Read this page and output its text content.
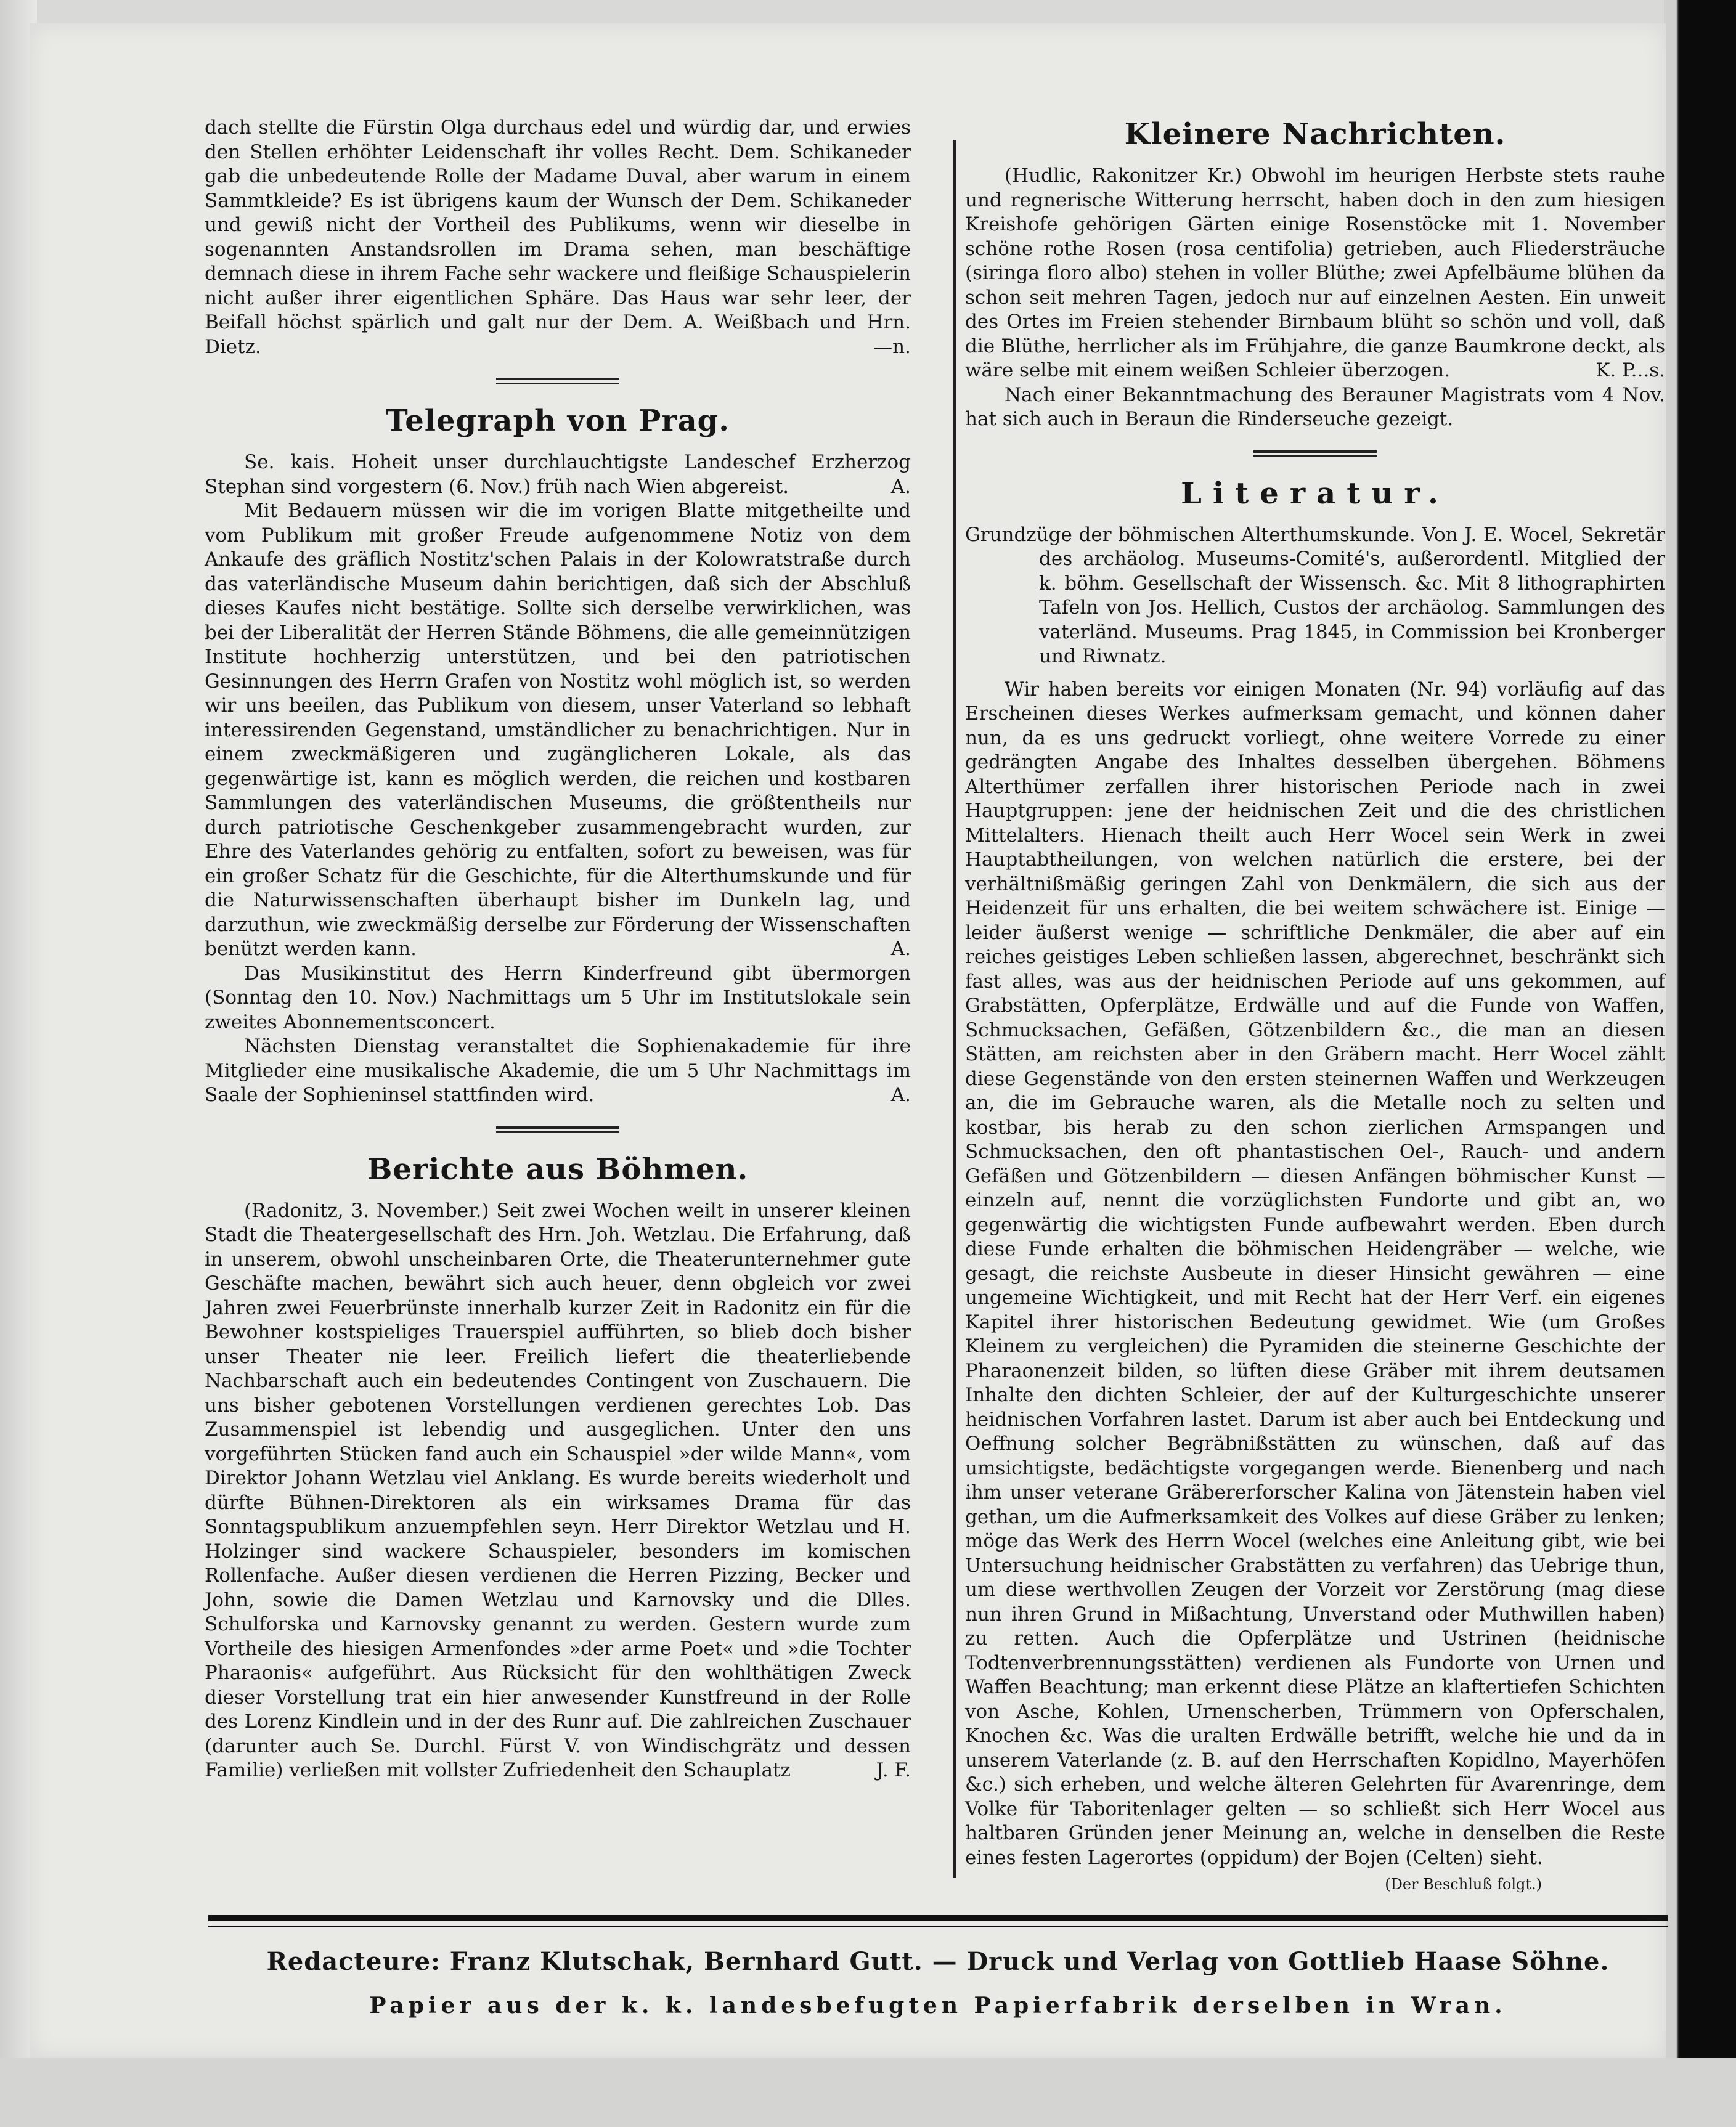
dach stellte die Fürstin Olga durchaus edel und würdig dar, und erwies den Stellen erhöhter Leidenschaft ihr volles Recht. Dem. Schikaneder gab die unbedeutende Rolle der Madame Duval, aber warum in einem Sammtkleide? Es ist übrigens kaum der Wunsch der Dem. Schikaneder und gewiß nicht der Vortheil des Publikums, wenn wir dieselbe in sogenannten Anstandsrollen im Drama sehen, man beschäftige demnach diese in ihrem Fache sehr wackere und fleißige Schauspielerin nicht außer ihrer eigentlichen Sphäre. Das Haus war sehr leer, der Beifall höchst spärlich und galt nur der Dem. A. Weißbach und Hrn. Dietz.	—n.

Telegraph von Prag.

Se. kais. Hoheit unser durchlauchtigste Landeschef Erzherzog Stephan sind vorgestern (6. Nov.) früh nach Wien abgereist.	A.

Mit Bedauern müssen wir die im vorigen Blatte mitgetheilte und vom Publikum mit großer Freude aufgenommene Notiz von dem Ankaufe des gräflich Nostitz'schen Palais in der Kolowratstraße durch das vaterländische Museum dahin berichtigen, daß sich der Abschluß dieses Kaufes nicht bestätige. Sollte sich derselbe verwirklichen, was bei der Liberalität der Herren Stände Böhmens, die alle gemeinnützigen Institute hochherzig unterstützen, und bei den patriotischen Gesinnungen des Herrn Grafen von Nostitz wohl möglich ist, so werden wir uns beeilen, das Publikum von diesem, unser Vaterland so lebhaft interessirenden Gegenstand, umständlicher zu benachrichtigen. Nur in einem zweckmäßigeren und zugänglicheren Lokale, als das gegenwärtige ist, kann es möglich werden, die reichen und kostbaren Sammlungen des vaterländischen Museums, die größtentheils nur durch patriotische Geschenkgeber zusammengebracht wurden, zur Ehre des Vaterlandes gehörig zu entfalten, sofort zu beweisen, was für ein großer Schatz für die Geschichte, für die Alterthumskunde und für die Naturwissenschaften überhaupt bisher im Dunkeln lag, und darzuthun, wie zweckmäßig derselbe zur Förderung der Wissenschaften benützt werden kann.	A.

Das Musikinstitut des Herrn Kinderfreund gibt übermorgen (Sonntag den 10. Nov.) Nachmittags um 5 Uhr im Institutslokale sein zweites Abonnementsconcert.

Nächsten Dienstag veranstaltet die Sophienakademie für ihre Mitglieder eine musikalische Akademie, die um 5 Uhr Nachmittags im Saale der Sophieninsel stattfinden wird.	A.

Berichte aus Böhmen.

(Radonitz, 3. November.) Seit zwei Wochen weilt in unserer kleinen Stadt die Theatergesellschaft des Hrn. Joh. Wetzlau. Die Erfahrung, daß in unserem, obwohl unscheinbaren Orte, die Theaterunternehmer gute Geschäfte machen, bewährt sich auch heuer, denn obgleich vor zwei Jahren zwei Feuerbrünste innerhalb kurzer Zeit in Radonitz ein für die Bewohner kostspieliges Trauerspiel aufführten, so blieb doch bisher unser Theater nie leer. Freilich liefert die theaterliebende Nachbarschaft auch ein bedeutendes Contingent von Zuschauern. Die uns bisher gebotenen Vorstellungen verdienen gerechtes Lob. Das Zusammenspiel ist lebendig und ausgeglichen. Unter den uns vorgeführten Stücken fand auch ein Schauspiel »der wilde Mann«, vom Direktor Johann Wetzlau viel Anklang. Es wurde bereits wiederholt und dürfte Bühnen-Direktoren als ein wirksames Drama für das Sonntagspublikum anzuempfehlen seyn. Herr Direktor Wetzlau und H. Holzinger sind wackere Schauspieler, besonders im komischen Rollenfache. Außer diesen verdienen die Herren Pizzing, Becker und John, sowie die Damen Wetzlau und Karnovsky und die Dlles. Schulforska und Karnovsky genannt zu werden. Gestern wurde zum Vortheile des hiesigen Armenfondes »der arme Poet« und »die Tochter Pharaonis« aufgeführt. Aus Rücksicht für den wohlthätigen Zweck dieser Vorstellung trat ein hier anwesender Kunstfreund in der Rolle des Lorenz Kindlein und in der des Runr auf. Die zahlreichen Zuschauer (darunter auch Se. Durchl. Fürst V. von Windischgrätz und dessen Familie) verließen mit vollster Zufriedenheit den Schauplatz	J. F.

Kleinere Nachrichten.

(Hudlic, Rakonitzer Kr.) Obwohl im heurigen Herbste stets rauhe und regnerische Witterung herrscht, haben doch in den zum hiesigen Kreishofe gehörigen Gärten einige Rosenstöcke mit 1. November schöne rothe Rosen (rosa centifolia) getrieben, auch Fliedersträuche (siringa floro albo) stehen in voller Blüthe; zwei Apfelbäume blühen da schon seit mehren Tagen, jedoch nur auf einzelnen Aesten. Ein unweit des Ortes im Freien stehender Birnbaum blüht so schön und voll, daß die Blüthe, herrlicher als im Frühjahre, die ganze Baumkrone deckt, als wäre selbe mit einem weißen Schleier überzogen.	K. P...s.

Nach einer Bekanntmachung des Berauner Magistrats vom 4 Nov. hat sich auch in Beraun die Rinderseuche gezeigt.

Literatur.

Grundzüge der böhmischen Alterthumskunde. Von J. E. Wocel, Sekretär des archäolog. Museums-Comité's, außerordentl. Mitglied der k. böhm. Gesellschaft der Wissensch. &c. Mit 8 lithographirten Tafeln von Jos. Hellich, Custos der archäolog. Sammlungen des vaterländ. Museums. Prag 1845, in Commission bei Kronberger und Riwnatz.

Wir haben bereits vor einigen Monaten (Nr. 94) vorläufig auf das Erscheinen dieses Werkes aufmerksam gemacht, und können daher nun, da es uns gedruckt vorliegt, ohne weitere Vorrede zu einer gedrängten Angabe des Inhaltes desselben übergehen. Böhmens Alterthümer zerfallen ihrer historischen Periode nach in zwei Hauptgruppen: jene der heidnischen Zeit und die des christlichen Mittelalters. Hienach theilt auch Herr Wocel sein Werk in zwei Hauptabtheilungen, von welchen natürlich die erstere, bei der verhältnißmäßig geringen Zahl von Denkmälern, die sich aus der Heidenzeit für uns erhalten, die bei weitem schwächere ist. Einige — leider äußerst wenige — schriftliche Denkmäler, die aber auf ein reiches geistiges Leben schließen lassen, abgerechnet, beschränkt sich fast alles, was aus der heidnischen Periode auf uns gekommen, auf Grabstätten, Opferplätze, Erdwälle und auf die Funde von Waffen, Schmucksachen, Gefäßen, Götzenbildern &c., die man an diesen Stätten, am reichsten aber in den Gräbern macht. Herr Wocel zählt diese Gegenstände von den ersten steinernen Waffen und Werkzeugen an, die im Gebrauche waren, als die Metalle noch zu selten und kostbar, bis herab zu den schon zierlichen Armspangen und Schmucksachen, den oft phantastischen Oel-, Rauch- und andern Gefäßen und Götzenbildern — diesen Anfängen böhmischer Kunst — einzeln auf, nennt die vorzüglichsten Fundorte und gibt an, wo gegenwärtig die wichtigsten Funde aufbewahrt werden. Eben durch diese Funde erhalten die böhmischen Heidengräber — welche, wie gesagt, die reichste Ausbeute in dieser Hinsicht gewähren — eine ungemeine Wichtigkeit, und mit Recht hat der Herr Verf. ein eigenes Kapitel ihrer historischen Bedeutung gewidmet. Wie (um Großes Kleinem zu vergleichen) die Pyramiden die steinerne Geschichte der Pharaonenzeit bilden, so lüften diese Gräber mit ihrem deutsamen Inhalte den dichten Schleier, der auf der Kulturgeschichte unserer heidnischen Vorfahren lastet. Darum ist aber auch bei Entdeckung und Oeffnung solcher Begräbnißstätten zu wünschen, daß auf das umsichtigste, bedächtigste vorgegangen werde. Bienenberg und nach ihm unser veterane Gräbererforscher Kalina von Jätenstein haben viel gethan, um die Aufmerksamkeit des Volkes auf diese Gräber zu lenken; möge das Werk des Herrn Wocel (welches eine Anleitung gibt, wie bei Untersuchung heidnischer Grabstätten zu verfahren) das Uebrige thun, um diese werthvollen Zeugen der Vorzeit vor Zerstörung (mag diese nun ihren Grund in Mißachtung, Unverstand oder Muthwillen haben) zu retten. Auch die Opferplätze und Ustrinen (heidnische Todtenverbrennungsstätten) verdienen als Fundorte von Urnen und Waffen Beachtung; man erkennt diese Plätze an klaftertiefen Schichten von Asche, Kohlen, Urnenscherben, Trümmern von Opferschalen, Knochen &c. Was die uralten Erdwälle betrifft, welche hie und da in unserem Vaterlande (z. B. auf den Herrschaften Kopidlno, Mayerhöfen &c.) sich erheben, und welche älteren Gelehrten für Avarenringe, dem Volke für Taboritenlager gelten — so schließt sich Herr Wocel aus haltbaren Gründen jener Meinung an, welche in denselben die Reste eines festen Lagerortes (oppidum) der Bojen (Celten) sieht.

(Der Beschluß folgt.)
Redacteure: Franz Klutschak, Bernhard Gutt. — Druck und Verlag von Gottlieb Haase Söhne.
Papier aus der k. k. landesbefugten Papierfabrik derselben in Wran.
